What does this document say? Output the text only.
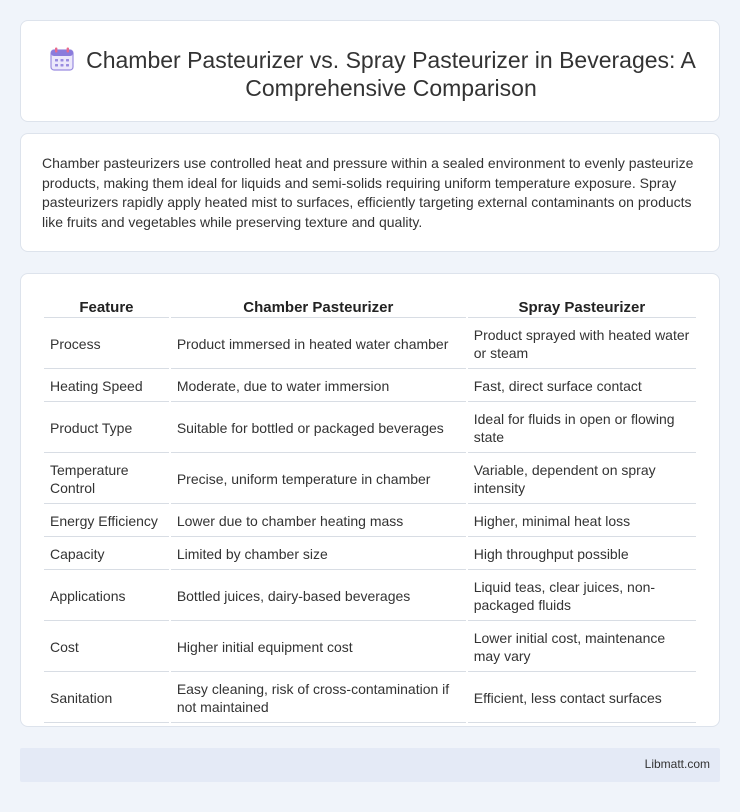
Chamber Pasteurizer vs. Spray Pasteurizer in Beverages: A Comprehensive Comparison

Chamber pasteurizers use controlled heat and pressure within a sealed environment to evenly pasteurize products, making them ideal for liquids and semi-solids requiring uniform temperature exposure. Spray pasteurizers rapidly apply heated mist to surfaces, efficiently targeting external contaminants on products like fruits and vegetables while preserving texture and quality.

Feature	Chamber Pasteurizer	Spray Pasteurizer
Process	Product immersed in heated water chamber	Product sprayed with heated water or steam
Heating Speed	Moderate, due to water immersion	Fast, direct surface contact
Product Type	Suitable for bottled or packaged beverages	Ideal for fluids in open or flowing state
Temperature Control	Precise, uniform temperature in chamber	Variable, dependent on spray intensity
Energy Efficiency	Lower due to chamber heating mass	Higher, minimal heat loss
Capacity	Limited by chamber size	High throughput possible
Applications	Bottled juices, dairy-based beverages	Liquid teas, clear juices, non-packaged fluids
Cost	Higher initial equipment cost	Lower initial cost, maintenance may vary
Sanitation	Easy cleaning, risk of cross-contamination if not maintained	Efficient, less contact surfaces
Libmatt.com
